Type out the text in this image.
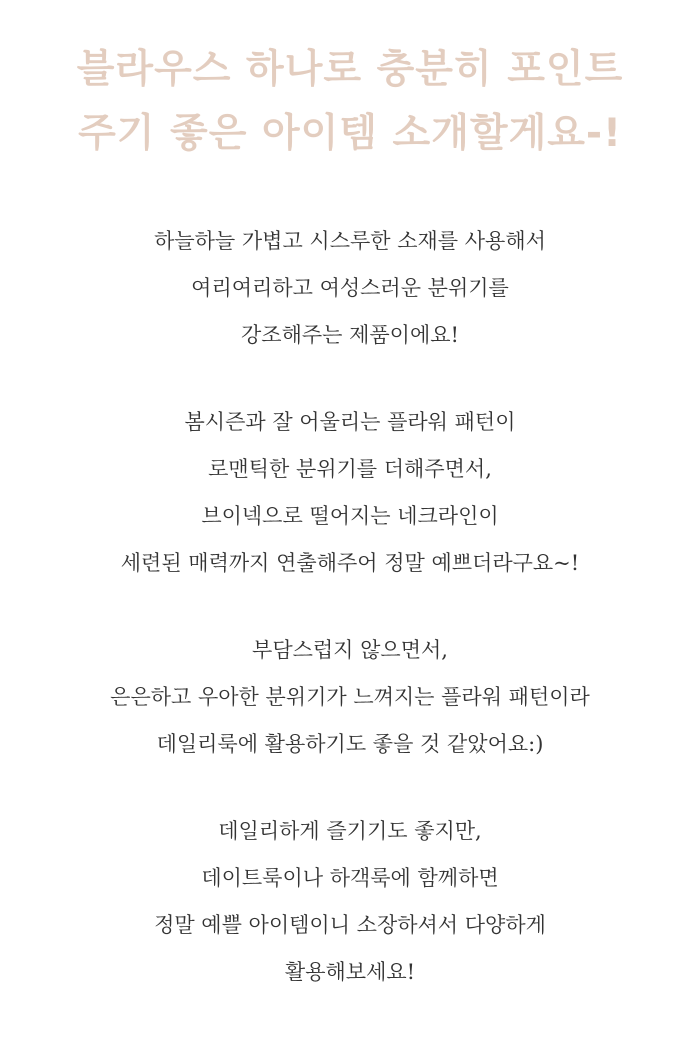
블라우스 하나로 충분히 포인트
주기 좋은 아이템 소개할게요-!
하늘하늘 가볍고 시스루한 소재를 사용해서
여리여리하고 여성스러운 분위기를
강조해주는 제품이에요!
봄시즌과 잘 어울리는 플라워 패턴이
로맨틱한 분위기를 더해주면서,
브이넥으로 떨어지는 네크라인이
세련된 매력까지 연출해주어 정말 예쁘더라구요~!
부담스럽지 않으면서,
은은하고 우아한 분위기가 느껴지는 플라워 패턴이라
데일리룩에 활용하기도 좋을 것 같았어요:)
데일리하게 즐기기도 좋지만,
데이트룩이나 하객룩에 함께하면
정말 예쁠 아이템이니 소장하셔서 다양하게
활용해보세요!
